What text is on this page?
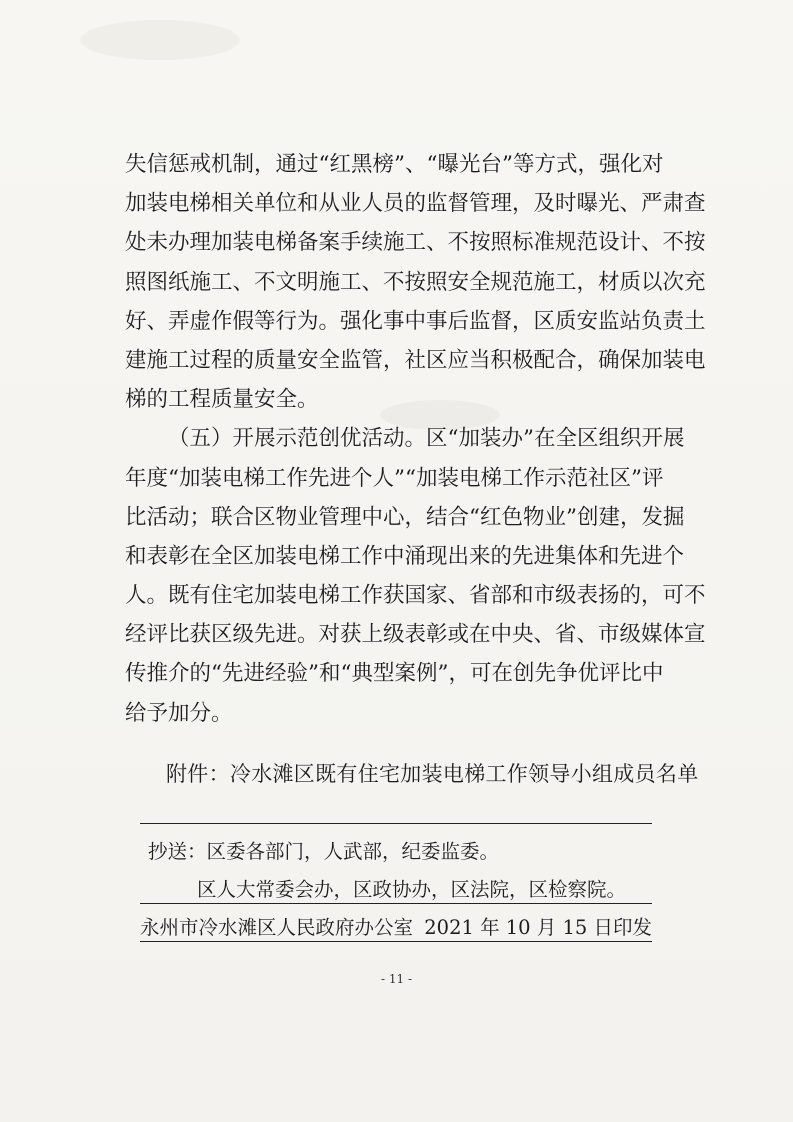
失信惩戒机制，通过“红黑榜”、“曝光台”等方式，强化对
加装电梯相关单位和从业人员的监督管理，及时曝光、严肃查
处未办理加装电梯备案手续施工、不按照标准规范设计、不按
照图纸施工、不文明施工、不按照安全规范施工，材质以次充
好、弄虚作假等行为。强化事中事后监督，区质安监站负责土
建施工过程的质量安全监管，社区应当积极配合，确保加装电
梯的工程质量安全。
（五）开展示范创优活动。区“加装办”在全区组织开展
年度“加装电梯工作先进个人”“加装电梯工作示范社区”评
比活动；联合区物业管理中心，结合“红色物业”创建，发掘
和表彰在全区加装电梯工作中涌现出来的先进集体和先进个
人。既有住宅加装电梯工作获国家、省部和市级表扬的，可不
经评比获区级先进。对获上级表彰或在中央、省、市级媒体宣
传推介的“先进经验”和“典型案例”，可在创先争优评比中
给予加分。
附件：冷水滩区既有住宅加装电梯工作领导小组成员名单
抄送：区委各部门，人武部，纪委监委。
区人大常委会办，区政协办，区法院，区检察院。
永州市冷水滩区人民政府办公室 2021 年 10 月 15 日印发
- 11 -
